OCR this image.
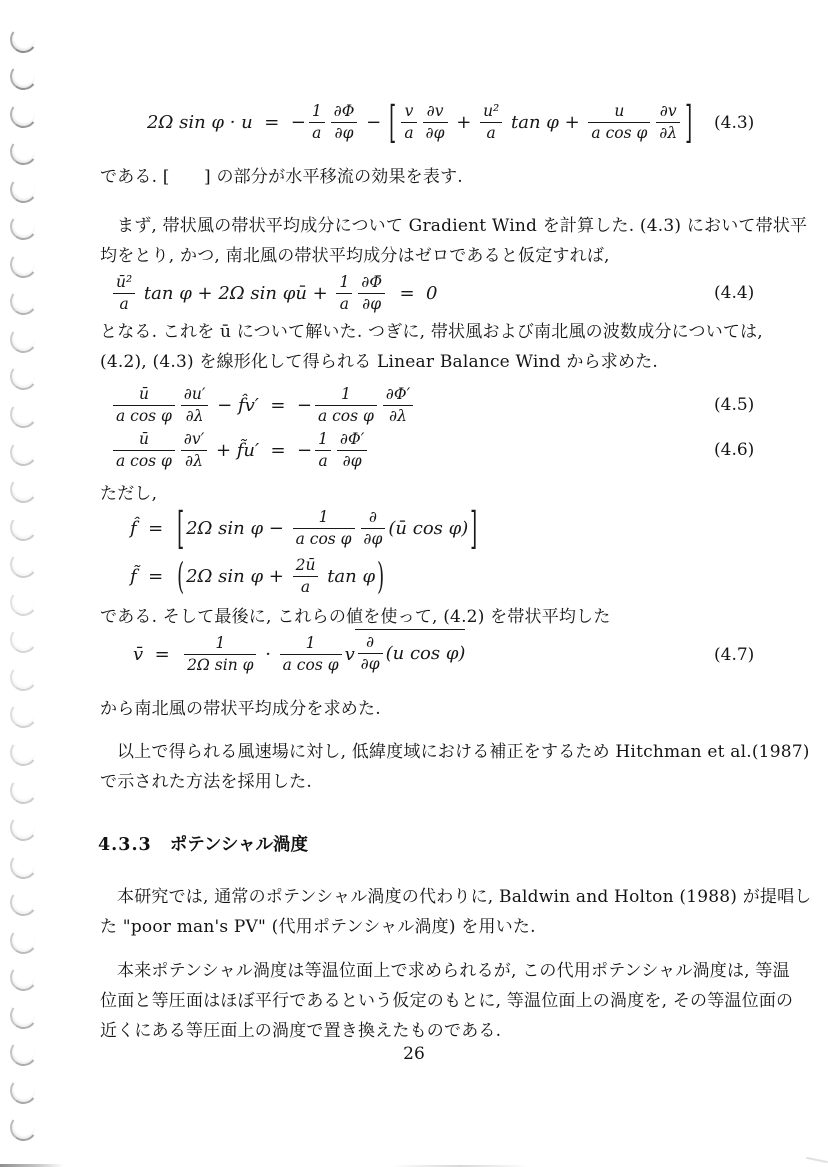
2Ω sin φ · u =  − $\frac{1}{a} \frac{\partial\Phi}{\partial\varphi}$ − [ $\frac{v}{a} \frac{\partial v}{\partial\varphi} + \frac{\text{u²}}{a}$ $\tan \varphi + \frac{u}{\text{a cos φ}} \frac{\partial v}{\partial\lambda}$ ] (4.3)
である. [　　] の部分が水平移流の効果を表す.
まず, 帯状風の帯状平均成分について Gradient Wind を計算した. (4.3) において帯状平
均をとり, かつ, 南北風の帯状平均成分はゼロであると仮定すれば,
$\frac{\text{ū²}}{a}$ tan φ + 2Ω sin φū + $\frac{1}{a} \frac{\partial\Phī}{\partial\varphi} = 0$	(4.4)
となる. これを ū について解いた. つぎに, 帯状風および南北風の波数成分については,
(4.2), (4.3) を線形化して得られる Linear Balance Wind から求めた.
$\frac{ū}{\text{a cos φ}} \frac{\partial u'}{\partial\lambda}$ − f̂v′  =  − $\frac{1}{\text{a cos φ}} \frac{\partial\Phi'}{\partial\lambda}$	(4.5)
$\frac{ū}{\text{a cos φ}} \frac{\partial v'}{\partial\lambda}$ + f̃u′  =  − $\frac{1}{a} \frac{\partial\Phi'}{\partial\varphi}$	(4.6)
ただし,
f̂  = [ 2Ω $\sin \varphi - \frac{1}{\text{a cos φ}} \frac{\partial}{\partial\varphi}$ (ū cos φ) ]
f̃  = ( 2Ω $\sin \varphi + \frac{2ū}{a}$ tan φ )
である. そして最後に, これらの値を使って, (4.2) を帯状平均した
v̄  = $\frac{1}{\text{2Ω sin φ}} \cdot \frac{1}{\text{a cos φ}}$ v $\frac{\partial}{\partial\varphi} (u$ cos φ)	(4.7)
から南北風の帯状平均成分を求めた.
以上で得られる風速場に対し, 低緯度域における補正をするため Hitchman et al.(1987)
で示された方法を採用した.
4.3.3 ポテンシャル渦度
本研究では, 通常のポテンシャル渦度の代わりに, Baldwin and Holton (1988) が提唱し
た "poor man's PV" (代用ポテンシャル渦度) を用いた.
本来ポテンシャル渦度は等温位面上で求められるが, この代用ポテンシャル渦度は, 等温
位面と等圧面はほぼ平行であるという仮定のもとに, 等温位面上の渦度を, その等温位面の
近くにある等圧面上の渦度で置き換えたものである.
26
